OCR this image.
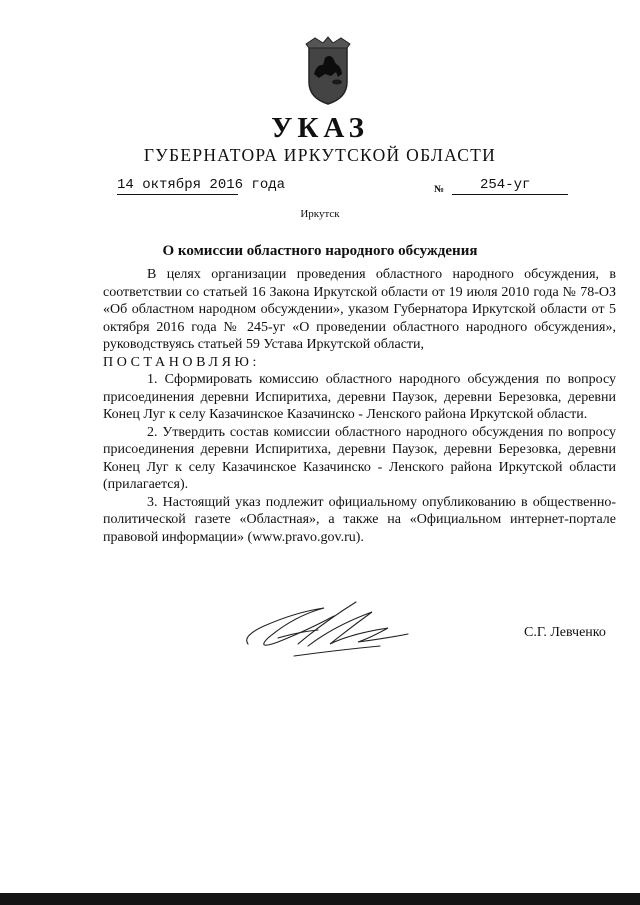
УКАЗ
ГУБЕРНАТОРА ИРКУТСКОЙ ОБЛАСТИ
14 октября 2016 года	№	254-уг
Иркутск
О комиссии областного народного обсуждения

В целях организации проведения областного народного обсуждения, в соответствии со статьей 16 Закона Иркутской области от 19 июля 2010 года № 78-ОЗ «Об областном народном обсуждении», указом Губернатора Иркутской области от 5 октября 2016 года № 245-уг «О проведении областного народного обсуждения», руководствуясь статьей 59 Устава Иркутской области,

ПОСТАНОВЛЯЮ:

1. Сформировать комиссию областного народного обсуждения по вопросу присоединения деревни Испиритиха, деревни Паузок, деревни Березовка, деревни Конец Луг к селу Казачинское Казачинско - Ленского района Иркутской области.

2. Утвердить состав комиссии областного народного обсуждения по вопросу присоединения деревни Испиритиха, деревни Паузок, деревни Березовка, деревни Конец Луг к селу Казачинское Казачинско - Ленского района Иркутской области (прилагается).

3. Настоящий указ подлежит официальному опубликованию в общественно-политической газете «Областная», а также на «Официальном интернет-портале правовой информации» (www.pravo.gov.ru).

С.Г. Левченко
